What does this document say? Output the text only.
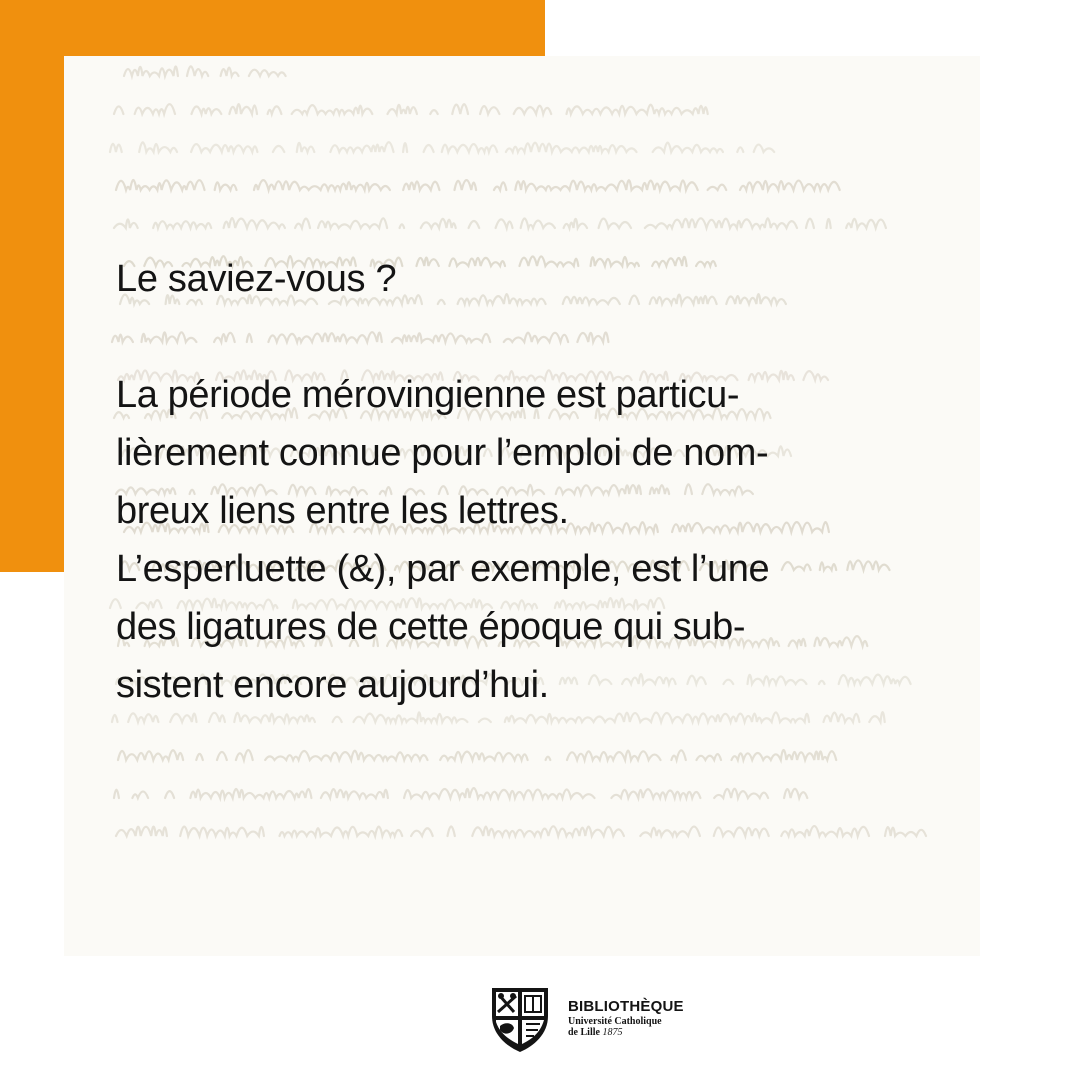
Le saviez-vous ?

La période mérovingienne est particu-

lièrement connue pour l’emploi de nom-

breux liens entre les lettres.

L’esperluette (&), par exemple, est l’une

des ligatures de cette époque qui sub-

sistent encore aujourd’hui.

BIBLIOTHÈQUE
Université Catholique
de Lille 1875
